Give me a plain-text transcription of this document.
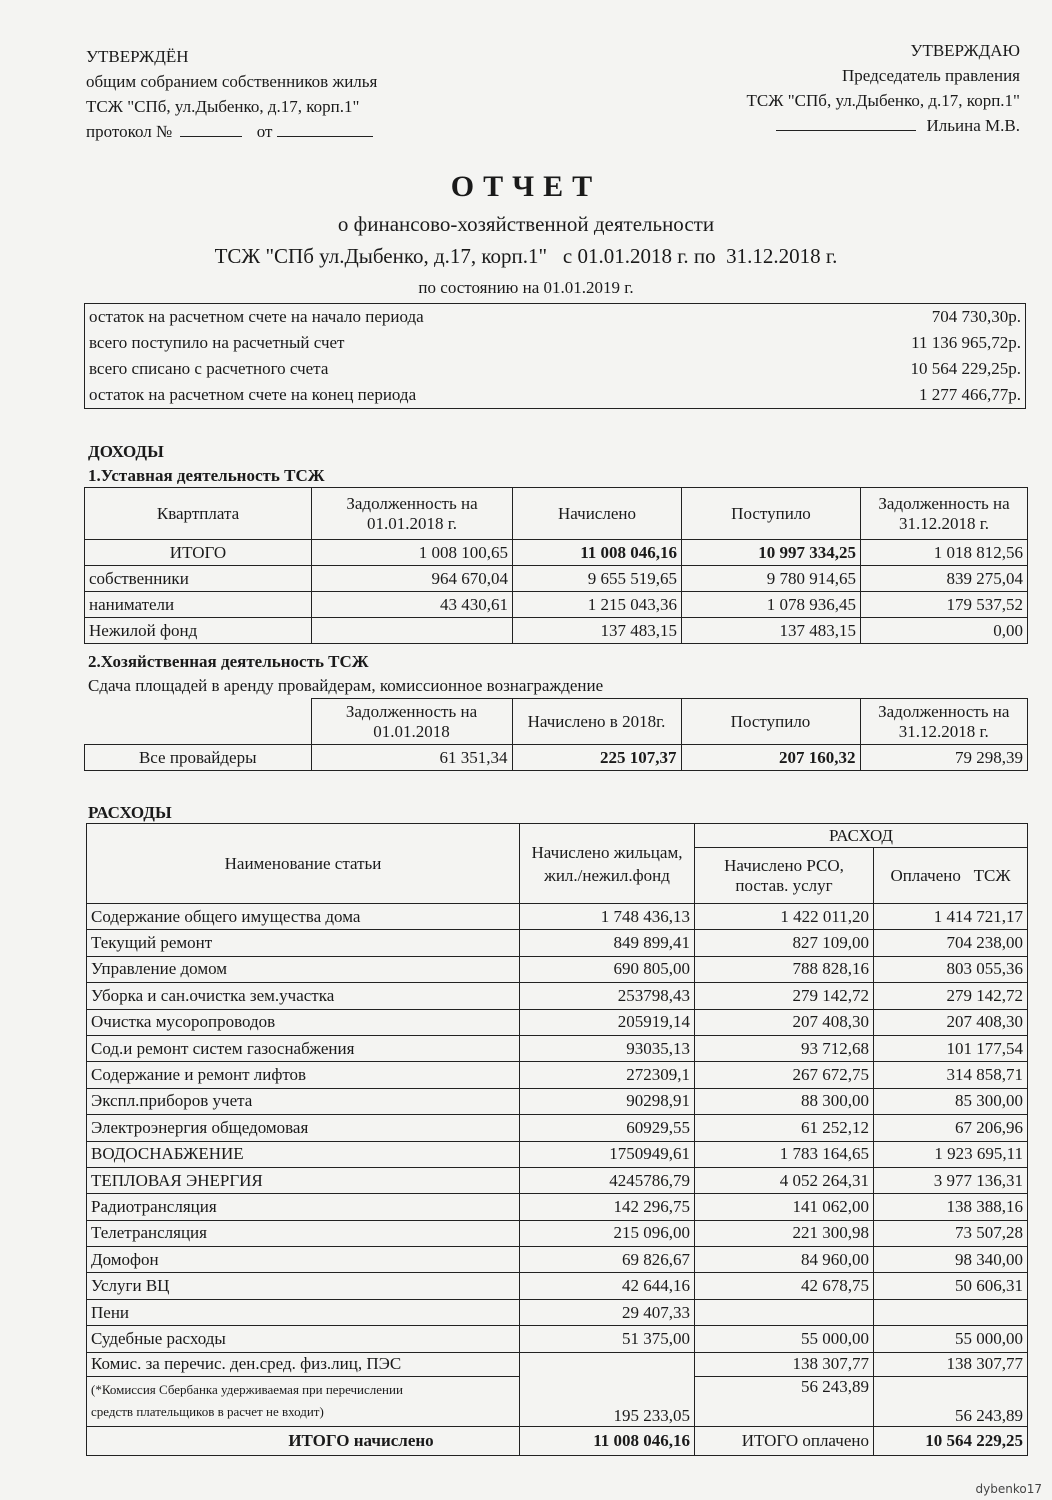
УТВЕРЖДЁН
общим собранием собственников жилья
ТСЖ "СПб, ул.Дыбенко, д.17, корп.1"
протокол №	от
УТВЕРЖДАЮ
Председатель правления
ТСЖ "СПб, ул.Дыбенко, д.17, корп.1"
Ильина М.В.
ОТЧЕТ
о финансово-хозяйственной деятельности
ТСЖ "СПб ул.Дыбенко, д.17, корп.1"   с 01.01.2018 г. по  31.12.2018 г.
по состоянию на 01.01.2019 г.
остаток на расчетном счете на начало периода	704 730,30р.
всего поступило на расчетный счет	11 136 965,72р.
всего списано с расчетного счета	10 564 229,25р.
остаток на расчетном счете на конец периода	1 277 466,77р.
ДОХОДЫ
1.Уставная деятельность ТСЖ
Квартплата	Задолженность на 01.01.2018 г.	Начислено	Поступило	Задолженность на 31.12.2018 г.
ИТОГО	1 008 100,65	11 008 046,16	10 997 334,25	1 018 812,56
собственники	964 670,04	9 655 519,65	9 780 914,65	839 275,04
наниматели	43 430,61	1 215 043,36	1 078 936,45	179 537,52
Нежилой фонд		137 483,15	137 483,15	0,00
2.Хозяйственная деятельность ТСЖ
Сдача площадей в аренду провайдерам, комиссионное вознаграждение
	Задолженность на 01.01.2018	Начислено в 2018г.	Поступило	Задолженность на 31.12.2018 г.
Все провайдеры	61 351,34	225 107,37	207 160,32	79 298,39
РАСХОДЫ
Наименование статьи	Начислено жильцам, жил./нежил.фонд	РАСХОД	
		Начислено РСО, постав. услуг	Оплачено   ТСЖ
Содержание общего имущества дома	1 748 436,13	1 422 011,20	1 414 721,17
Текущий ремонт	849 899,41	827 109,00	704 238,00
Управление домом	690 805,00	788 828,16	803 055,36
Уборка и сан.очистка зем.участка	253798,43	279 142,72	279 142,72
Очистка мусоропроводов	205919,14	207 408,30	207 408,30
Сод.и ремонт систем газоснабжения	93035,13	93 712,68	101 177,54
Содержание и ремонт лифтов	272309,1	267 672,75	314 858,71
Экспл.приборов учета	90298,91	88 300,00	85 300,00
Электроэнергия общедомовая	60929,55	61 252,12	67 206,96
ВОДОСНАБЖЕНИЕ	1750949,61	1 783 164,65	1 923 695,11
ТЕПЛОВАЯ ЭНЕРГИЯ	4245786,79	4 052 264,31	3 977 136,31
Радиотрансляция	142 296,75	141 062,00	138 388,16
Телетрансляция	215 096,00	221 300,98	73 507,28
Домофон	69 826,67	84 960,00	98 340,00
Услуги ВЦ	42 644,16	42 678,75	50 606,31
Пени	29 407,33		
Судебные расходы	51 375,00	55 000,00	55 000,00
Комис. за перечис. ден.сред. физ.лиц, ПЭС	195 233,05	138 307,77	138 307,77

(*Комиссия Сбербанка удерживаемая при перечислении
средств плательщиков в расчет не входит)		56 243,89	56 243,89
ИТОГО начислено	11 008 046,16	ИТОГО оплачено	10 564 229,25
dybenko17
